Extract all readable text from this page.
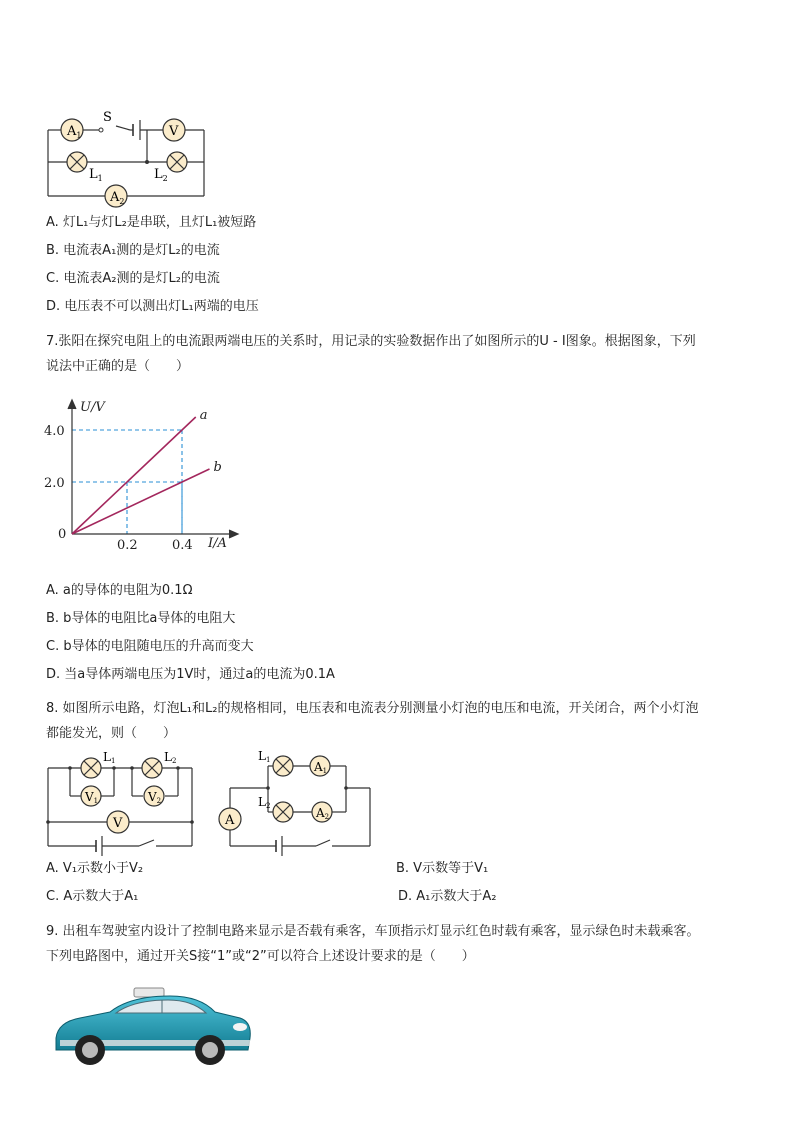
$A_1$	V
$A_2$
S
$L_1$	$L_2$
A. 灯L₁与灯L₂是串联，且灯L₁被短路
B. 电流表A₁测的是灯L₂的电流
C. 电流表A₂测的是灯L₂的电流
D. 电压表不可以测出灯L₁两端的电压
7.张阳在探究电阻上的电流跟两端电压的关系时，用记录的实验数据作出了如图所示的U - I图象。根据图象，下列
说法中正确的是（　　）
a
b
0.2	0.4
2.0
4.0
0
U/V
I/A
A. a的导体的电阻为0.1Ω
B. b导体的电阻比a导体的电阻大
C. b导体的电阻随电压的升高而变大
D. 当a导体两端电压为1V时，通过a的电流为0.1A
8. 如图所示电路，灯泡L₁和L₂的规格相同，电压表和电流表分别测量小灯泡的电压和电流，开关闭合，两个小灯泡
都能发光，则（　　）
V1	V2
V
L1	L2	A1
A	A2
L1
L2
A. V₁示数小于V₂	B. V示数等于V₁
C. A示数大于A₁	D. A₁示数大于A₂
9. 出租车驾驶室内设计了控制电路来显示是否载有乘客，车顶指示灯显示红色时载有乘客，显示绿色时未载乘客。
下列电路图中，通过开关S接“1”或“2”可以符合上述设计要求的是（　　）
